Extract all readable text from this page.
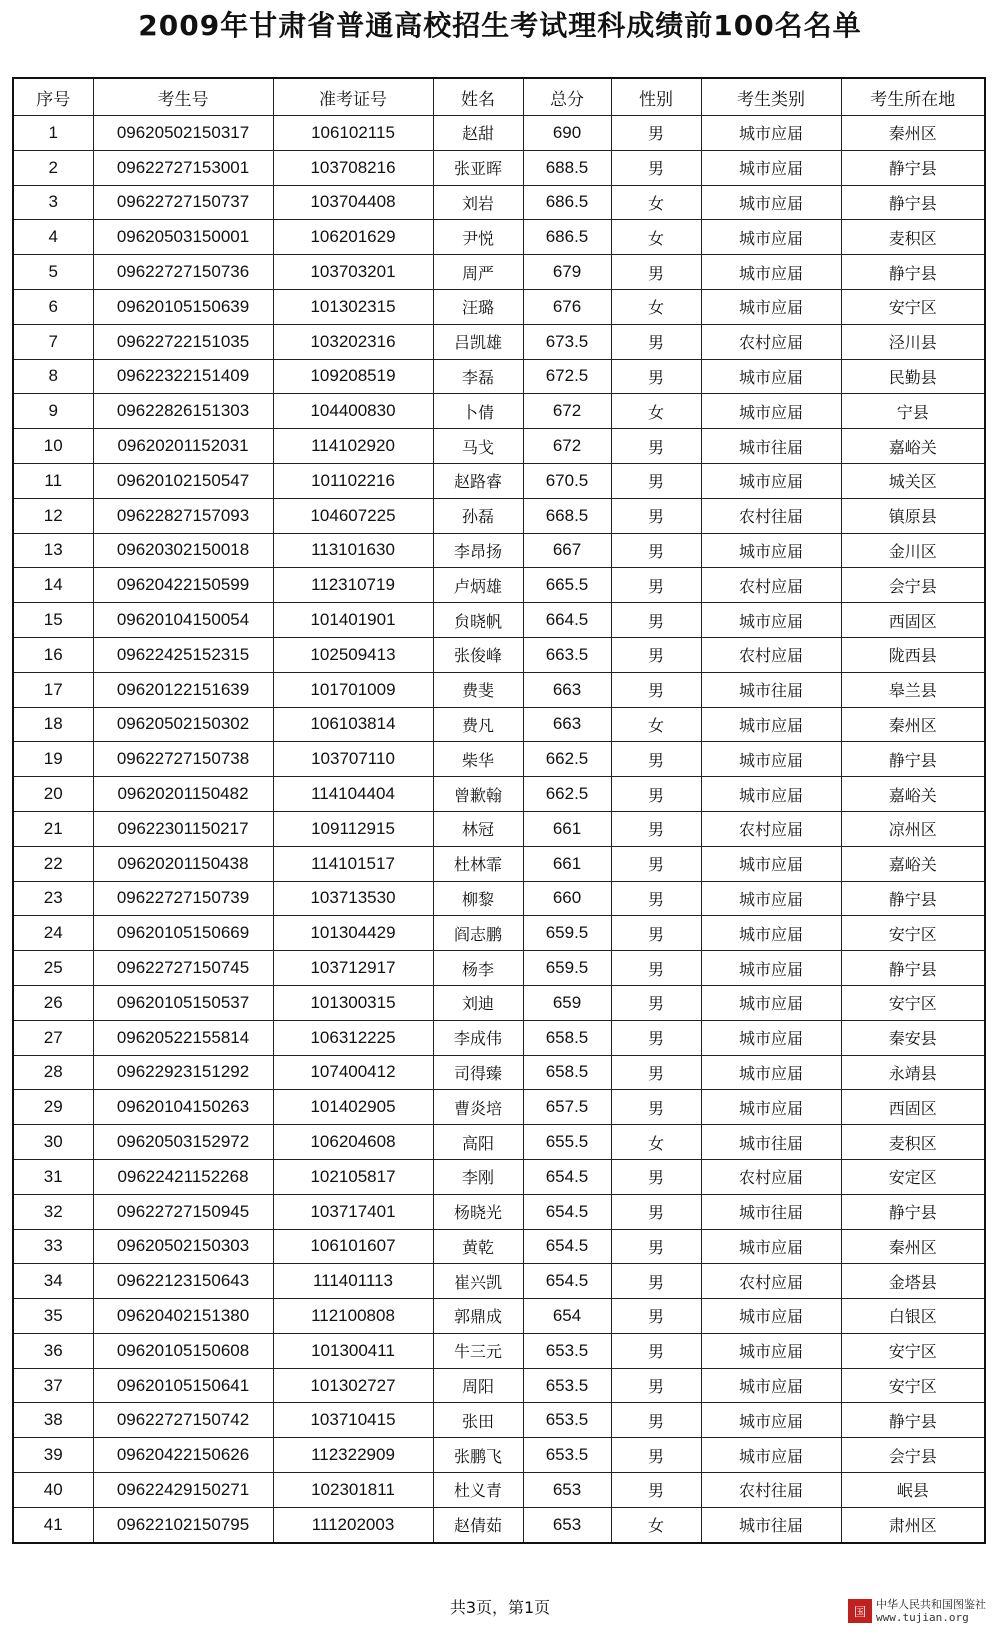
2009年甘肃省普通高校招生考试理科成绩前100名名单
序号	考生号	准考证号	姓名	总分	性别	考生类别	考生所在地
1	09620502150317	106102115	赵甜	690	男	城市应届	秦州区
2	09622727153001	103708216	张亚晖	688.5	男	城市应届	静宁县
3	09622727150737	103704408	刘岩	686.5	女	城市应届	静宁县
4	09620503150001	106201629	尹悦	686.5	女	城市应届	麦积区
5	09622727150736	103703201	周严	679	男	城市应届	静宁县
6	09620105150639	101302315	汪璐	676	女	城市应届	安宁区
7	09622722151035	103202316	吕凯雄	673.5	男	农村应届	泾川县
8	09622322151409	109208519	李磊	672.5	男	城市应届	民勤县
9	09622826151303	104400830	卜倩	672	女	城市应届	宁县
10	09620201152031	114102920	马戈	672	男	城市往届	嘉峪关
11	09620102150547	101102216	赵路睿	670.5	男	城市应届	城关区
12	09622827157093	104607225	孙磊	668.5	男	农村往届	镇原县
13	09620302150018	113101630	李昂扬	667	男	城市应届	金川区
14	09620422150599	112310719	卢炳雄	665.5	男	农村应届	会宁县
15	09620104150054	101401901	贠晓帆	664.5	男	城市应届	西固区
16	09622425152315	102509413	张俊峰	663.5	男	农村应届	陇西县
17	09620122151639	101701009	费斐	663	男	城市往届	皋兰县
18	09620502150302	106103814	费凡	663	女	城市应届	秦州区
19	09622727150738	103707110	柴华	662.5	男	城市应届	静宁县
20	09620201150482	114104404	曾歉翰	662.5	男	城市应届	嘉峪关
21	09622301150217	109112915	林冠	661	男	农村应届	凉州区
22	09620201150438	114101517	杜林霏	661	男	城市应届	嘉峪关
23	09622727150739	103713530	柳黎	660	男	城市应届	静宁县
24	09620105150669	101304429	阎志鹏	659.5	男	城市应届	安宁区
25	09622727150745	103712917	杨李	659.5	男	城市应届	静宁县
26	09620105150537	101300315	刘迪	659	男	城市应届	安宁区
27	09620522155814	106312225	李成伟	658.5	男	城市应届	秦安县
28	09622923151292	107400412	司得臻	658.5	男	城市应届	永靖县
29	09620104150263	101402905	曹炎培	657.5	男	城市应届	西固区
30	09620503152972	106204608	高阳	655.5	女	城市往届	麦积区
31	09622421152268	102105817	李刚	654.5	男	农村应届	安定区
32	09622727150945	103717401	杨晓光	654.5	男	城市往届	静宁县
33	09620502150303	106101607	黄乾	654.5	男	城市应届	秦州区
34	09622123150643	111401113	崔兴凯	654.5	男	农村应届	金塔县
35	09620402151380	112100808	郭鼎成	654	男	城市应届	白银区
36	09620105150608	101300411	牛三元	653.5	男	城市应届	安宁区
37	09620105150641	101302727	周阳	653.5	男	城市应届	安宁区
38	09622727150742	103710415	张田	653.5	男	城市应届	静宁县
39	09620422150626	112322909	张鹏飞	653.5	男	城市应届	会宁县
40	09622429150271	102301811	杜义青	653	男	农村往届	岷县
41	09622102150795	111202003	赵倩茹	653	女	城市往届	肃州区
共3页，第1页	国 中华人民共和国图鉴社
www.tujian.org
